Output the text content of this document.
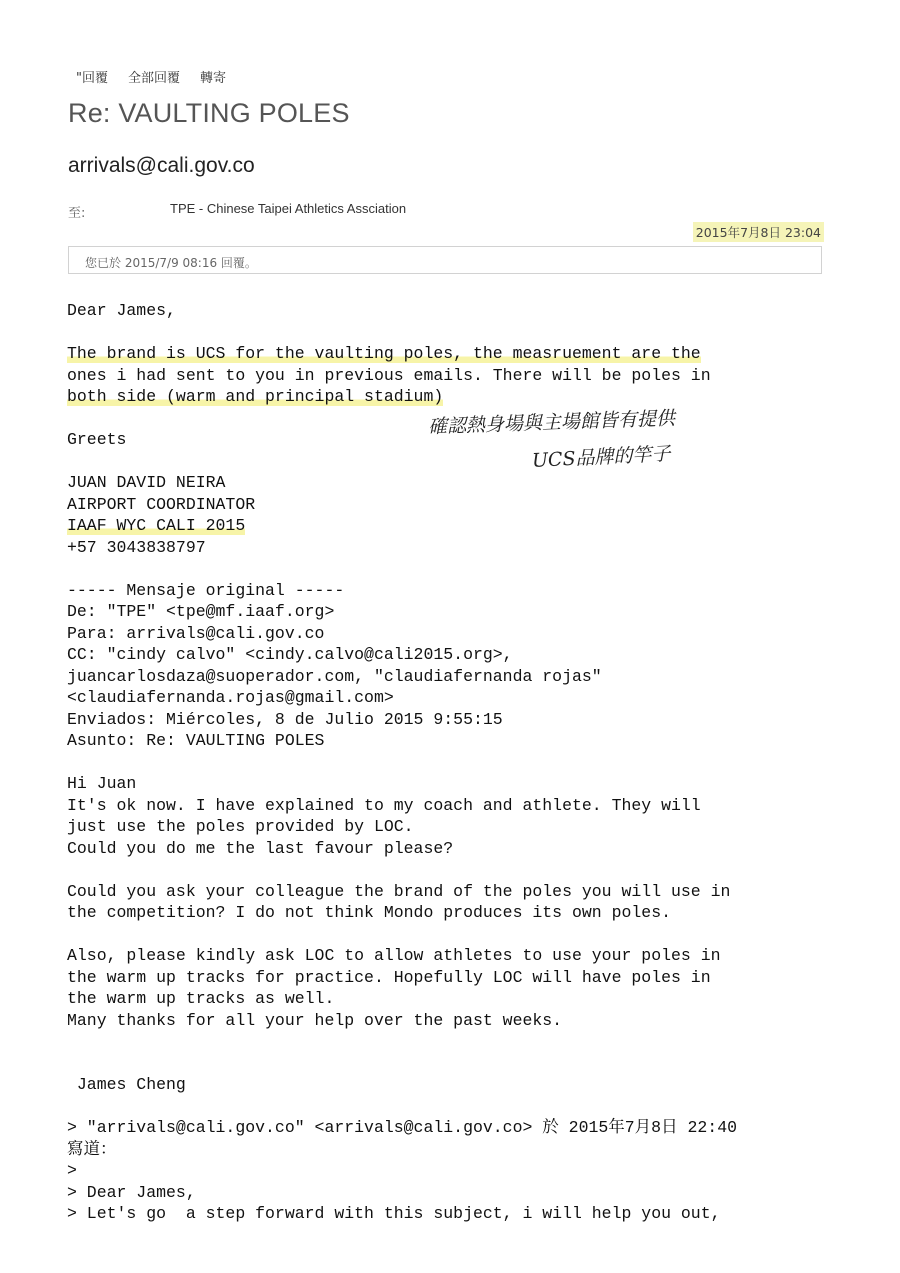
"回覆 全部回覆 轉寄
Re: VAULTING POLES
arrivals@cali.gov.co
至:	TPE - Chinese Taipei Athletics Assciation
2015年7月8日 23:04
您已於 2015/7/9 08:16 回覆。
Dear James,
The brand is UCS for the vaulting poles, the measruement are the
ones i had sent to you in previous emails. There will be poles in
both side (warm and principal stadium)
Greets
JUAN DAVID NEIRA
AIRPORT COORDINATOR
IAAF WYC CALI 2015
+57 3043838797
----- Mensaje original -----
De: "TPE" <tpe@mf.iaaf.org>
Para: arrivals@cali.gov.co
CC: "cindy calvo" <cindy.calvo@cali2015.org>,
juancarlosdaza@suoperador.com, "claudiafernanda rojas"
<claudiafernanda.rojas@gmail.com>
Enviados: Miércoles, 8 de Julio 2015 9:55:15
Asunto: Re: VAULTING POLES
Hi Juan
It's ok now. I have explained to my coach and athlete. They will
just use the poles provided by LOC.
Could you do me the last favour please?
Could you ask your colleague the brand of the poles you will use in
the competition? I do not think Mondo produces its own poles.
Also, please kindly ask LOC to allow athletes to use your poles in
the warm up tracks for practice. Hopefully LOC will have poles in
the warm up tracks as well.
Many thanks for all your help over the past weeks.
James Cheng
> "arrivals@cali.gov.co" <arrivals@cali.gov.co> 於 2015年7月8日 22:40
寫道：
>
> Dear James,
> Let's go  a step forward with this subject, i will help you out,
確認熱身場與主場館皆有提供
UCS品牌的竿子
